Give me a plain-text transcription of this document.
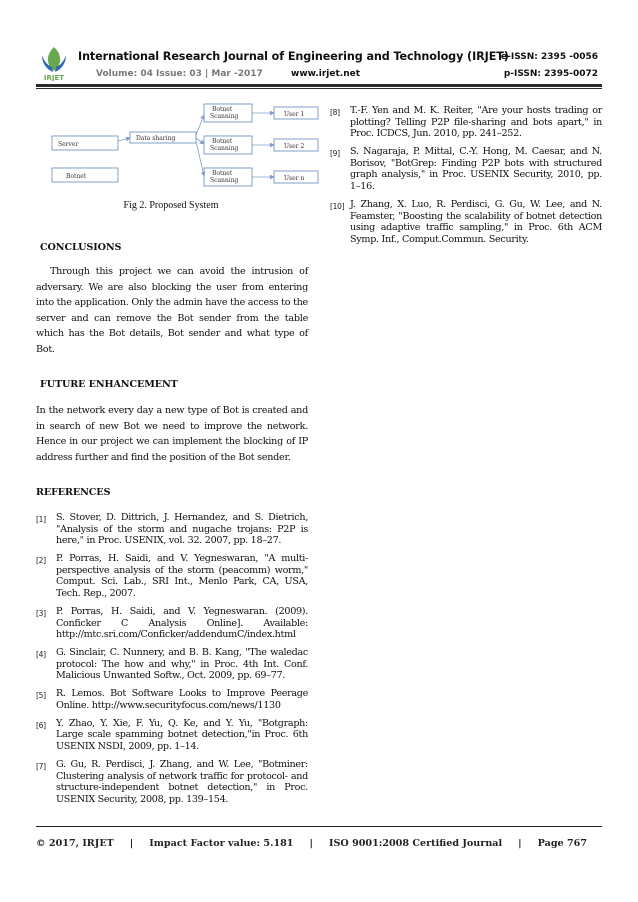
IRJET
International Research Journal of Engineering and Technology (IRJET)
e-ISSN: 2395 -0056
Volume: 04 Issue: 03 | Mar -2017	www.irjet.net	p-ISSN: 2395-0072
Server
Botnet
Data sharing
Botnet
Scanning
Botnet
Scanning
Botnet
Scanning
User 1
User 2
User n
Fig 2. Proposed System
CONCLUSIONS

Through this project we can avoid the intrusion of adversary. We are also blocking the user from entering into the application. Only the admin have the access to the server and can remove the Bot sender from the table which has the Bot details, Bot sender and what type of Bot.

FUTURE ENHANCEMENT

In the network every day a new type of Bot is created and in search of new Bot we need to improve the network. Hence in our project we can implement the blocking of IP address further and find the position of the Bot sender.

REFERENCES
[1]	S. Stover, D. Dittrich, J. Hernandez, and S. Dietrich, "Analysis of the storm and nugache trojans: P2P is here," in Proc. USENIX, vol. 32. 2007, pp. 18–27.
[2]	P. Porras, H. Saidi, and V. Yegneswaran, "A multi-perspective analysis of the storm (peacomm) worm," Comput. Sci. Lab., SRI Int., Menlo Park, CA, USA, Tech. Rep., 2007.
[3]	P. Porras, H. Saidi, and V. Yegneswaran. (2009). Conficker C Analysis Online]. Available: http://mtc.sri.com/Conficker/addendumC/index.html
[4]	G. Sinclair, C. Nunnery, and B. B. Kang, "The waledac protocol: The how and why," in Proc. 4th Int. Conf. Malicious Unwanted Softw., Oct. 2009, pp. 69–77.
[5]	R. Lemos. Bot Software Looks to Improve Peerage Online. http://www.securityfocus.com/news/1130
[6]	Y. Zhao, Y. Xie, F. Yu, Q. Ke, and Y. Yu, "Botgraph: Large scale spamming botnet detection,"in Proc. 6th USENIX NSDI, 2009, pp. 1–14.
[7]	G. Gu, R. Perdisci, J. Zhang, and W. Lee, "Botminer: Clustering analysis of network traffic for protocol- and structure-independent botnet detection," in Proc. USENIX Security, 2008, pp. 139–154.
[8]	T.-F. Yen and M. K. Reiter, "Are your hosts trading or plotting? Telling P2P file-sharing and bots apart," in Proc. ICDCS, Jun. 2010, pp. 241–252.
[9]	S. Nagaraja, P. Mittal, C.-Y. Hong, M. Caesar, and N. Borisov, "BotGrep: Finding P2P bots with structured graph analysis," in Proc. USENIX Security, 2010, pp. 1–16.
[10] J. Zhang, X. Luo, R. Perdisci, G. Gu, W. Lee, and N. Feamster, "Boosting the scalability of botnet detection using adaptive traffic sampling," in Proc. 6th ACM Symp. Inf., Comput.Commun. Security.
© 2017, IRJET | Impact Factor value: 5.181 | ISO 9001:2008 Certified Journal | Page 767
